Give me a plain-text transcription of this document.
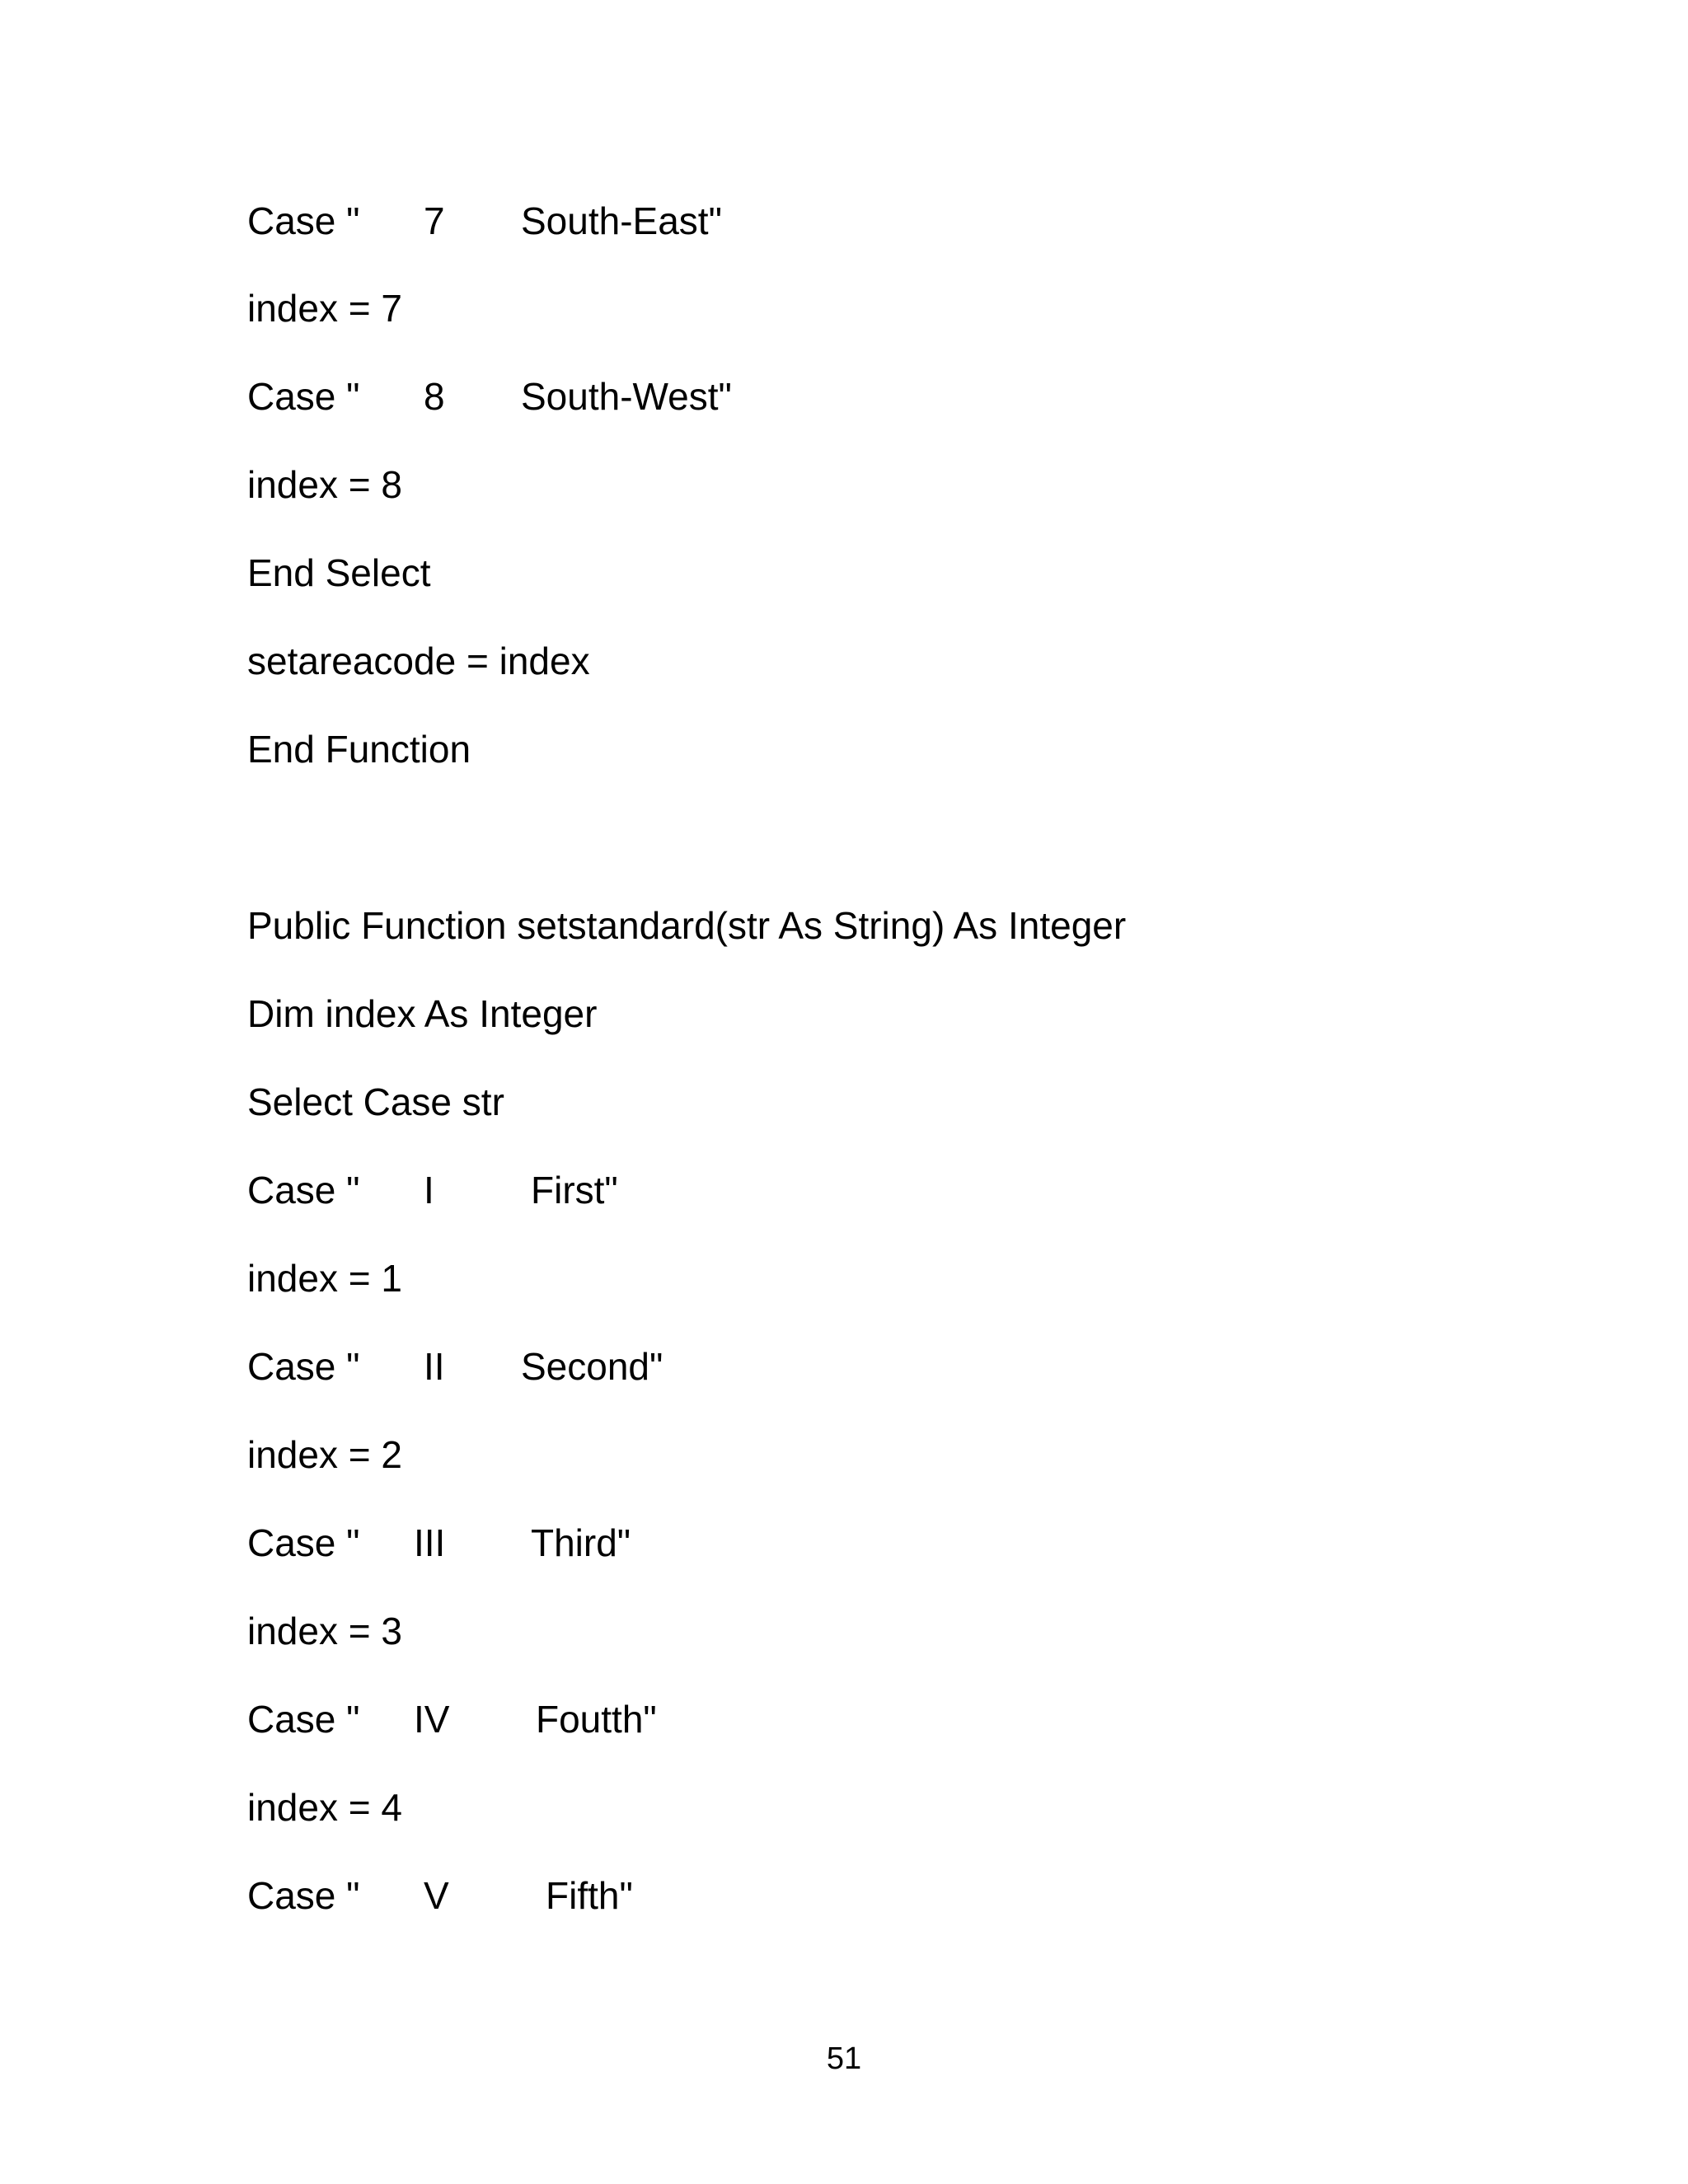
Case "

7

South-East"

index = 7

Case "

8

South-West"

index = 8
End Select
setareacode = index
End Function
Public Function setstandard(str As String) As Integer
Dim index As Integer
Select Case str

Case "

I

	First"

index = 1

Case "

II

Second"

index = 2

Case "

III

Third"

index = 3

Case "

IV

Foutth"

index = 4

Case "

V

	Fifth"

51
